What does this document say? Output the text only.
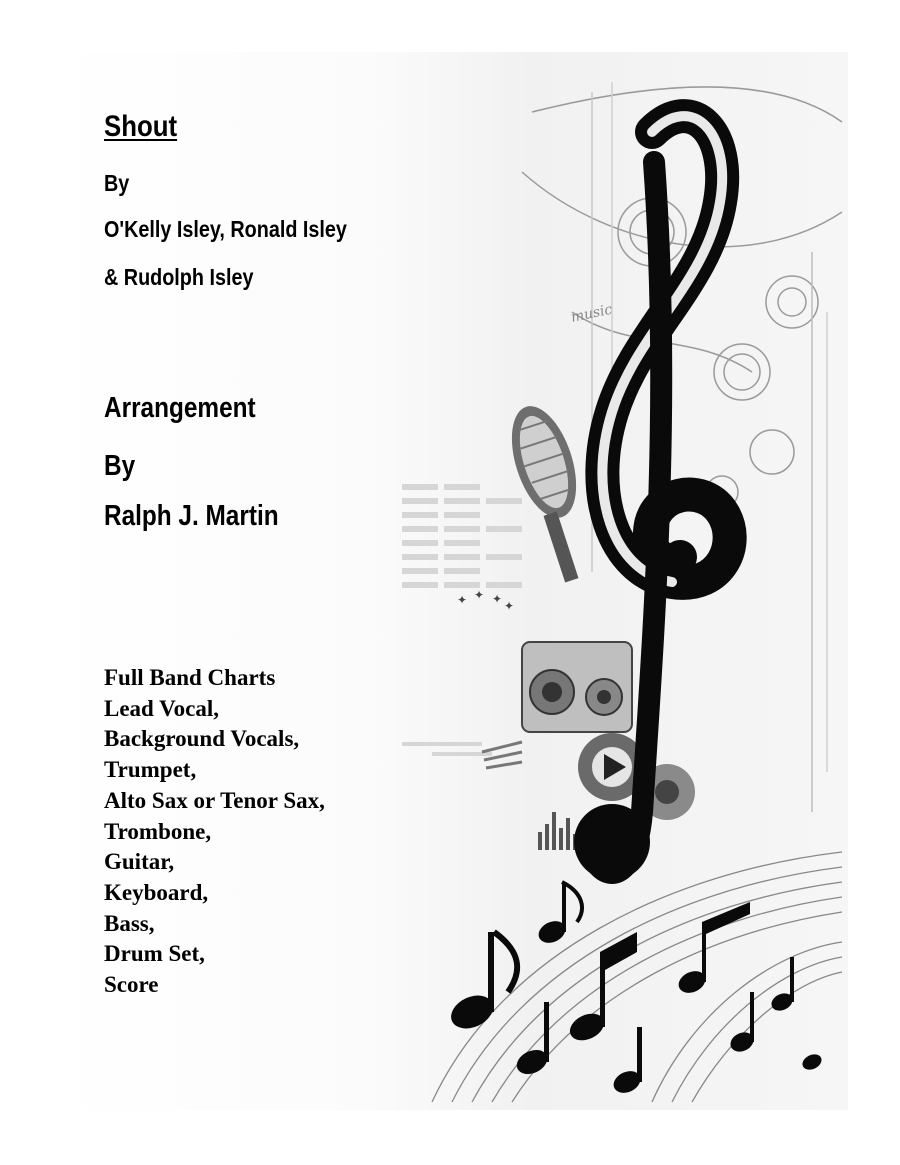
music
✦ ✦ ✦ ✦
Shout

By

O'Kelly Isley, Ronald Isley

& Rudolph Isley

Arrangement

By

Ralph J. Martin

Full Band Charts
Lead Vocal,
Background Vocals,
Trumpet,
Alto Sax or Tenor Sax,
Trombone,
Guitar,
Keyboard,
Bass,
Drum Set,
Score
